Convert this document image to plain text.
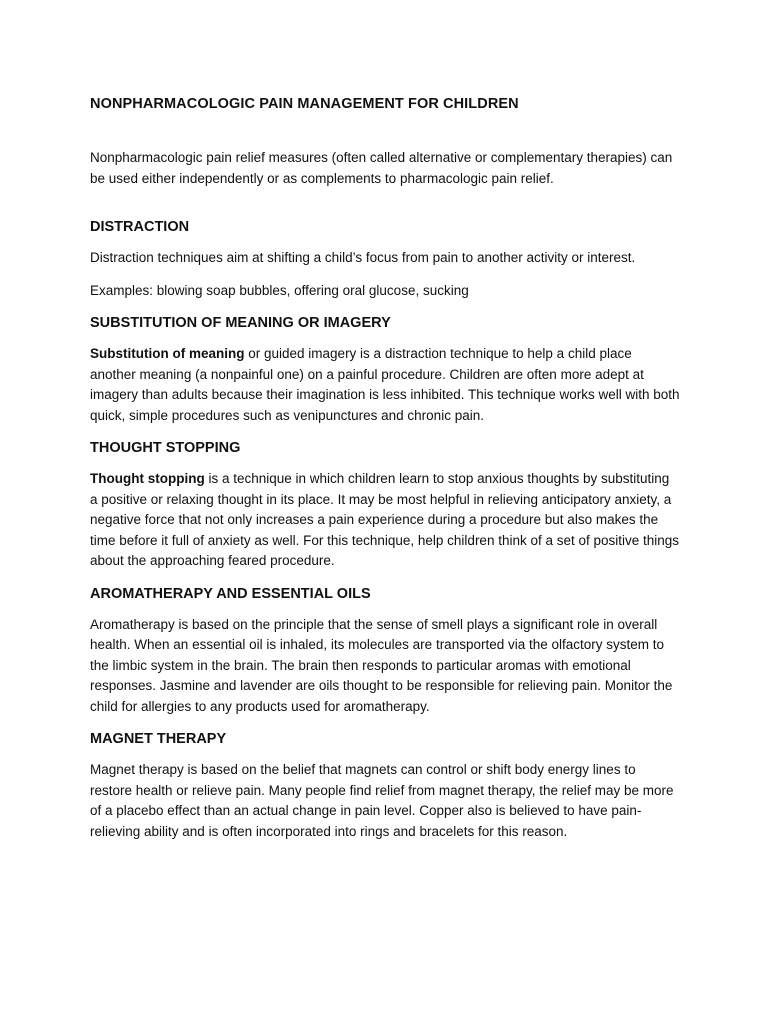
NONPHARMACOLOGIC PAIN MANAGEMENT FOR CHILDREN

Nonpharmacologic pain relief measures (often called alternative or complementary therapies) can be used either independently or as complements to pharmacologic pain relief.

DISTRACTION

Distraction techniques aim at shifting a child’s focus from pain to another activity or interest.

Examples: blowing soap bubbles, offering oral glucose, sucking

SUBSTITUTION OF MEANING OR IMAGERY

Substitution of meaning or guided imagery is a distraction technique to help a child place another meaning (a nonpainful one) on a painful procedure. Children are often more adept at imagery than adults because their imagination is less inhibited. This technique works well with both quick, simple procedures such as venipunctures and chronic pain.

THOUGHT STOPPING

Thought stopping is a technique in which children learn to stop anxious thoughts by substituting a positive or relaxing thought in its place. It may be most helpful in relieving anticipatory anxiety, a negative force that not only increases a pain experience during a procedure but also makes the time before it full of anxiety as well. For this technique, help children think of a set of positive things about the approaching feared procedure.

AROMATHERAPY AND ESSENTIAL OILS

Aromatherapy is based on the principle that the sense of smell plays a significant role in overall health. When an essential oil is inhaled, its molecules are transported via the olfactory system to the limbic system in the brain. The brain then responds to particular aromas with emotional responses. Jasmine and lavender are oils thought to be responsible for relieving pain. Monitor the child for allergies to any products used for aromatherapy.

MAGNET THERAPY

Magnet therapy is based on the belief that magnets can control or shift body energy lines to restore health or relieve pain. Many people find relief from magnet therapy, the relief may be more of a placebo effect than an actual change in pain level. Copper also is believed to have pain-relieving ability and is often incorporated into rings and bracelets for this reason.
